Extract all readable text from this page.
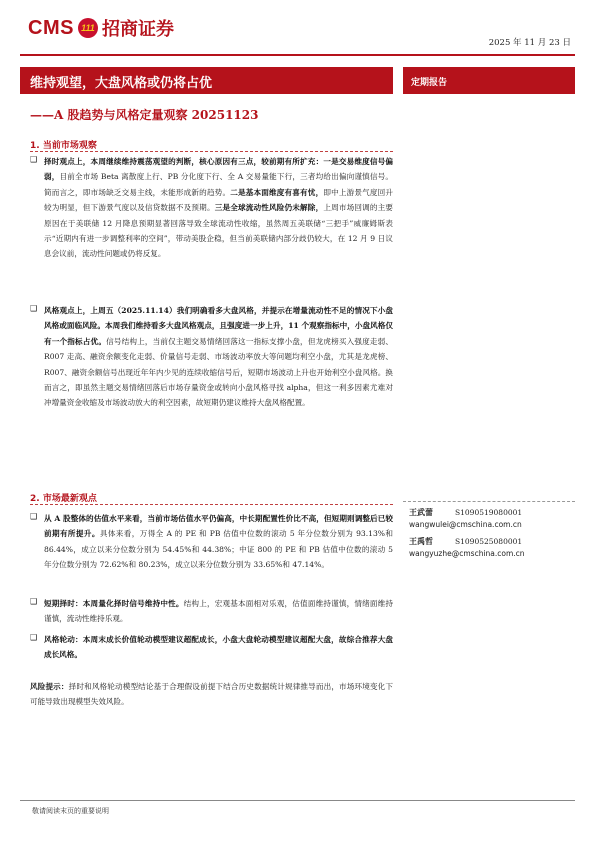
CMS 111 招商证券
2025 年 11 月 23 日
维持观望，大盘风格或仍将占优	定期报告
——A 股趋势与风格定量观察 20251123
1. 当前市场观察
❑ 择时观点上，本周继续维持震荡观望的判断，核心原因有三点，较前期有所扩充：一是交易维度信号偏弱，目前全市场 Beta 离散度上行、PB 分化度下行、全 A 交易量能下行，三者均给出偏向谨慎信号。简而言之，即市场缺乏交易主线，未能形成新的趋势。二是基本面维度有喜有忧，即中上游景气度回升较为明显，但下游景气度以及信贷数据不及预期。三是全球流动性风险仍未解除，上周市场回调的主要原因在于美联储 12 月降息预期显著回落导致全球流动性收缩，虽然周五美联储“三把手”威廉姆斯表示“近期内有进一步调整利率的空间”，带动美股企稳，但当前美联储内部分歧仍较大，在 12 月 9 日议息会议前，流动性问题或仍将反复。
❑ 风格观点上，上周五（2025.11.14）我们明确看多大盘风格，并提示在增量流动性不足的情况下小盘风格或面临风险。本周我们维持看多大盘风格观点，且强度进一步上升，11 个观察指标中，小盘风格仅有一个指标占优。信号结构上，当前仅主题交易情绪回落这一指标支撑小盘，但龙虎榜买入强度走弱、R007 走高、融资余额变化走弱、价量信号走弱、市场波动率放大等问题均利空小盘，尤其是龙虎榜、R007、融资余额信号出现近年年内少见的连续收缩信号后，短期市场波动上升也开始利空小盘风格。换而言之，即虽然主题交易情绪回落后市场存量资金或转向小盘风格寻找 alpha，但这一利多因素尤难对冲增量资金收缩及市场波动放大的利空因素，故短期仍建议维持大盘风格配置。
2. 市场最新观点
❑ 从 A 股整体的估值水平来看，当前市场估值水平仍偏高，中长期配置性价比不高，但短期则调整后已较前期有所提升。具体来看，万得全 A 的 PE 和 PB 估值中位数的滚动 5 年分位数分别为 93.13%和 86.44%，成立以来分位数分别为 54.45%和 44.38%；中证 800 的 PE 和 PB 估值中位数的滚动 5 年分位数分别为 72.62%和 80.23%，成立以来分位数分别为 33.65%和 47.14%。
❑ 短期择时：本周量化择时信号维持中性。结构上，宏观基本面相对乐观，估值面维持谨慎，情绪面维持谨慎，流动性维持乐观。
❑ 风格轮动：本周末成长价值轮动模型建议超配成长，小盘大盘轮动模型建议超配大盘，故综合推荐大盘成长风格。
风险提示：择时和风格轮动模型结论基于合理假设前提下结合历史数据统计规律推导而出，市场环境变化下可能导致出现模型失效风险。
王武蕾	S1090519080001
wangwulei@cmschina.com.cn
王禹哲	S1090525080001
wangyuzhe@cmschina.com.cn
敬请阅读末页的重要说明
